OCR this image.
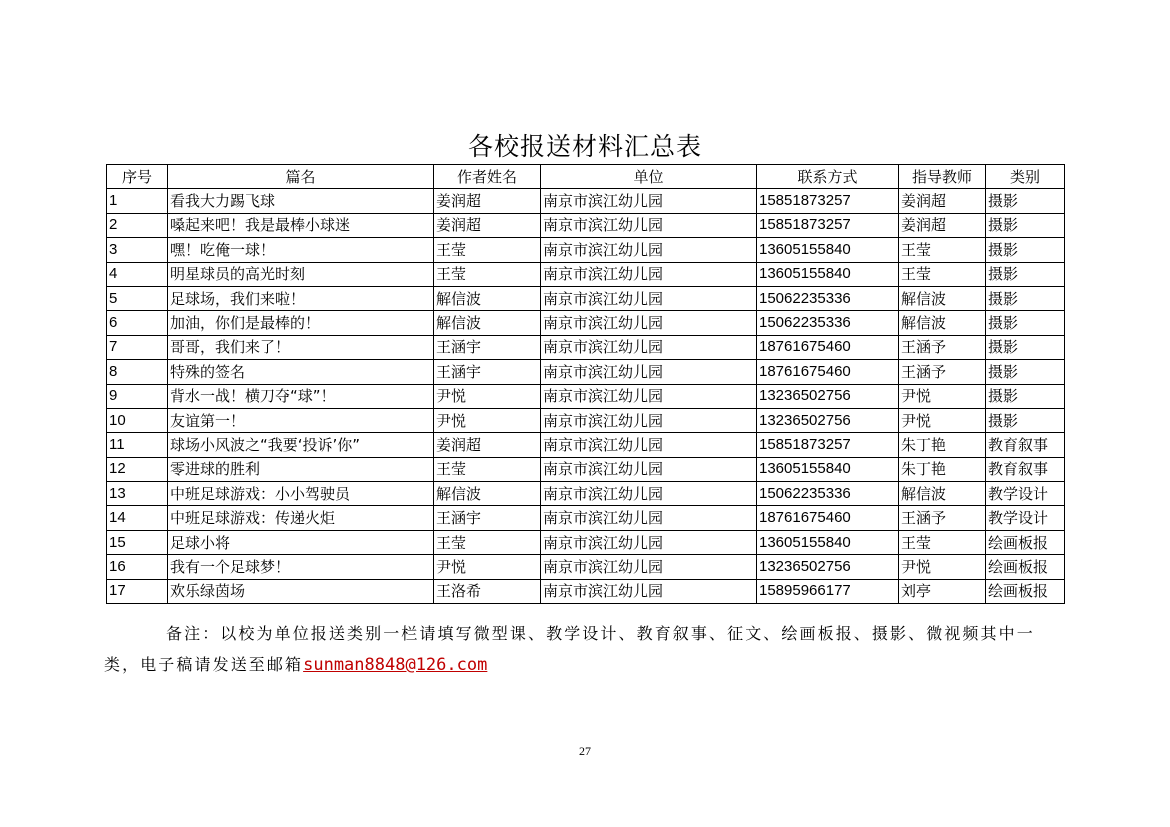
各校报送材料汇总表
序号	篇名	作者姓名	单位	联系方式	指导教师	类别
1	看我大力踢飞球	姜润超	南京市滨江幼儿园	15851873257	姜润超	摄影
2	嗓起来吧！我是最棒小球迷	姜润超	南京市滨江幼儿园	15851873257	姜润超	摄影
3	嘿！吃俺一球！	王莹	南京市滨江幼儿园	13605155840	王莹	摄影
4	明星球员的高光时刻	王莹	南京市滨江幼儿园	13605155840	王莹	摄影
5	足球场，我们来啦！	解信波	南京市滨江幼儿园	15062235336	解信波	摄影
6	加油，你们是最棒的！	解信波	南京市滨江幼儿园	15062235336	解信波	摄影
7	哥哥，我们来了！	王涵宇	南京市滨江幼儿园	18761675460	王涵予	摄影
8	特殊的签名	王涵宇	南京市滨江幼儿园	18761675460	王涵予	摄影
9	背水一战！横刀夺“球”！	尹悦	南京市滨江幼儿园	13236502756	尹悦	摄影
10	友谊第一！	尹悦	南京市滨江幼儿园	13236502756	尹悦	摄影
11	球场小风波之“我要‘投诉’你”	姜润超	南京市滨江幼儿园	15851873257	朱丁艳	教育叙事
12	零进球的胜利	王莹	南京市滨江幼儿园	13605155840	朱丁艳	教育叙事
13	中班足球游戏：小小驾驶员	解信波	南京市滨江幼儿园	15062235336	解信波	教学设计
14	中班足球游戏：传递火炬	王涵宇	南京市滨江幼儿园	18761675460	王涵予	教学设计
15	足球小将	王莹	南京市滨江幼儿园	13605155840	王莹	绘画板报
16	我有一个足球梦！	尹悦	南京市滨江幼儿园	13236502756	尹悦	绘画板报
17	欢乐绿茵场	王洛希	南京市滨江幼儿园	15895966177	刘亭	绘画板报
备注：以校为单位报送类别一栏请填写微型课、教学设计、教育叙事、征文、绘画板报、摄影、微视频其中一类，电子稿请发送至邮箱sunman8848@126.com
27
